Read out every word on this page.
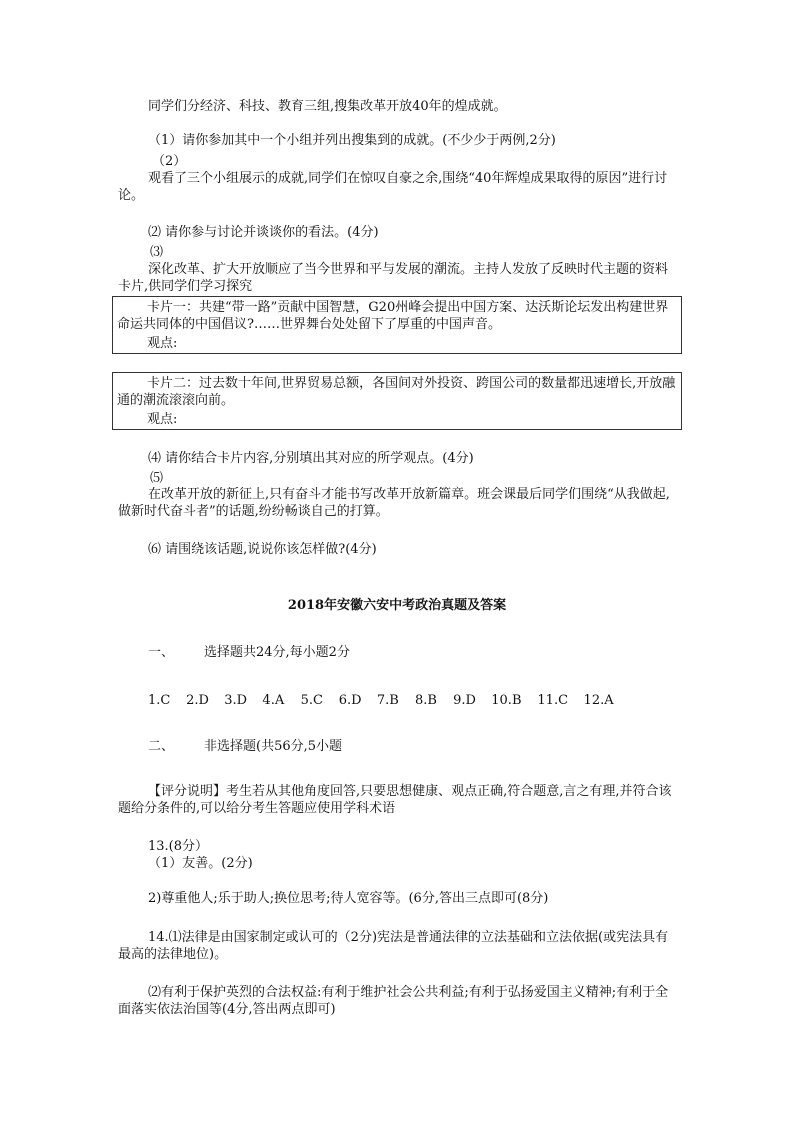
同学们分经济、科技、教育三组,搜集改革开放40年的煌成就。
（1）请你参加其中一个小组并列出搜集到的成就。(不少少于两例,2分)
（2）
观看了三个小组展示的成就,同学们在惊叹自豪之余,围绕“40年辉煌成果取得的原因”进行讨论。
⑵ 请你参与讨论并谈谈你的看法。(4分)
⑶
深化改革、扩大开放顺应了当今世界和平与发展的潮流。主持人发放了反映时代主题的资料卡片,供同学们学习探究
卡片一：共建“带一路”贡献中国智慧，G20州峰会提出中国方案、达沃斯论坛发出构建世界命运共同体的中国倡议?……世界舞台处处留下了厚重的中国声音。
观点:
卡片二：过去数十年间,世界贸易总额，各国间对外投资、跨国公司的数量都迅速增长,开放融通的潮流滚滚向前。
观点:
⑷ 请你结合卡片内容,分别填出其对应的所学观点。(4分)
⑸
在改革开放的新征上,只有奋斗才能书写改革开放新篇章。班会课最后同学们围绕“从我做起,做新时代奋斗者”的话题,纷纷畅谈自己的打算。
⑹ 请围绕该话题,说说你该怎样做?(4分)
2018年安徽六安中考政治真题及答案
一、 选择题共24分,每小题2分
1.C 2.D 3.D 4.A 5.C 6.D 7.B 8.B 9.D 10.B 11.C 12.A
二、 非选择题(共56分,5小题
【评分说明】考生若从其他角度回答,只要思想健康、观点正确,符合题意,言之有理,并符合该题给分条件的,可以给分考生答题应使用学科术语
13.(8分）
（1）友善。(2分)
2)尊重他人;乐于助人;换位思考;待人宽容等。(6分,答出三点即可(8分)
14.⑴法律是由国家制定或认可的（2分)宪法是普通法律的立法基础和立法依据(或宪法具有最高的法律地位)。
⑵有利于保护英烈的合法权益:有利于维护社会公共利益;有利于弘扬爱国主义精神;有利于全面落实依法治国等(4分,答出两点即可)
